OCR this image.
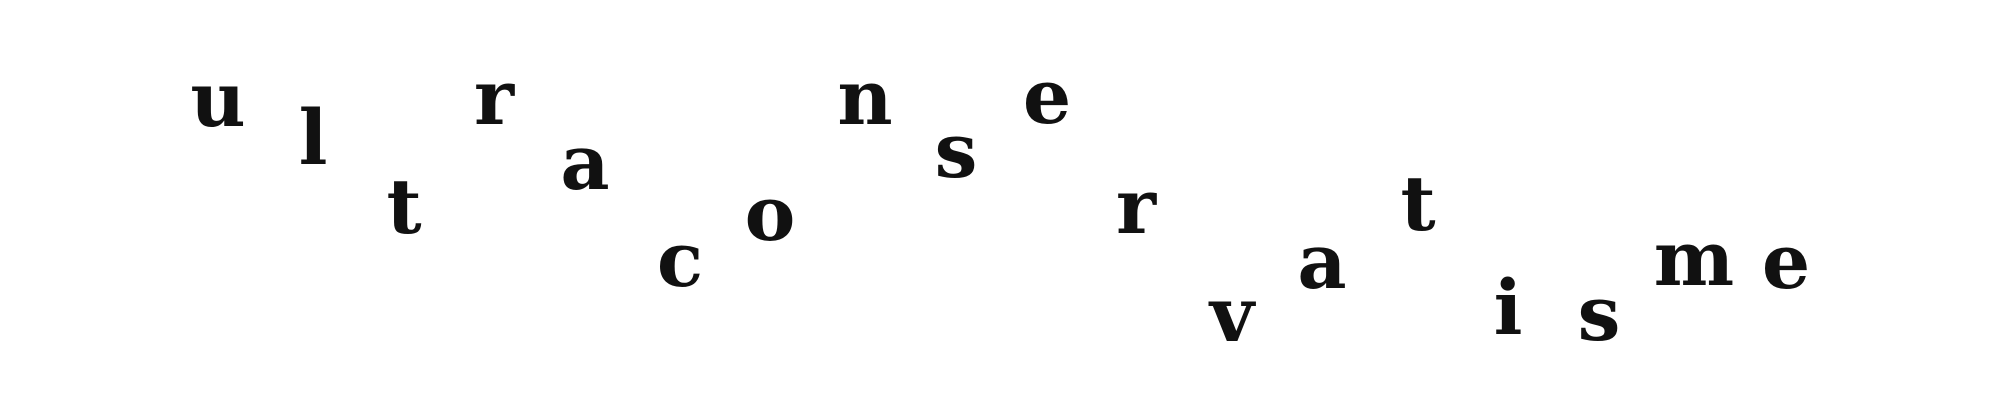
u l
t
r
a
c
o
n
s
e
r
v
a
t
i s
m e
